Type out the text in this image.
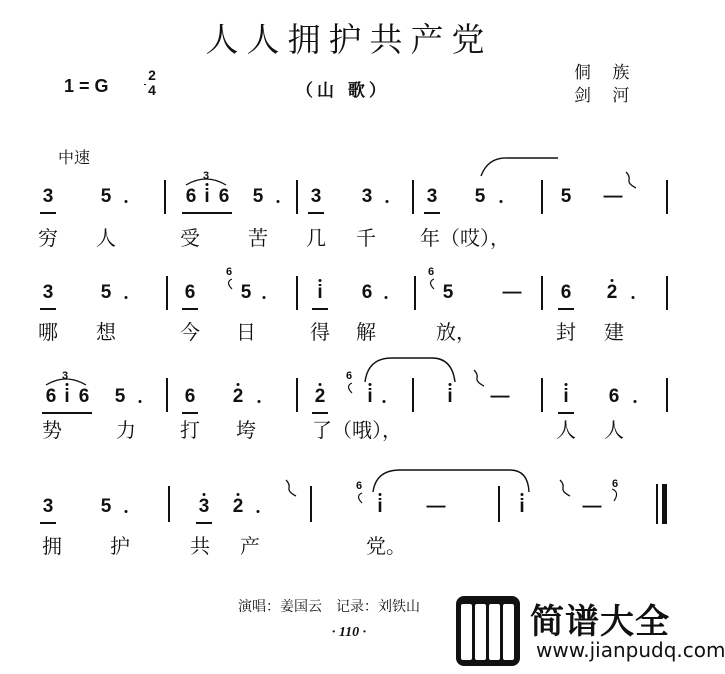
人人拥护共产党
1 = G
2
4	（山 歌）
侗 族
剑 河
中速
3 5
3
6 i 6 5 3 3	3 5	5 —
穷 人	受 苦 几 千 年（哎），
3 5	6
6
5	i 6
6
5	— 6 2
哪 想	今 日	得 解	放，	封 建
3
6 i 6 5	6 2	2
6
i	i —	i 6
势	力 打 垮	了（哦），	人 人
3 5	3 2
6
i —	i	—
6
拥 护	共 产	党。
演唱：姜国云　记录：刘铁山
· 110 ·	简谱大全
www.jianpudq.com
